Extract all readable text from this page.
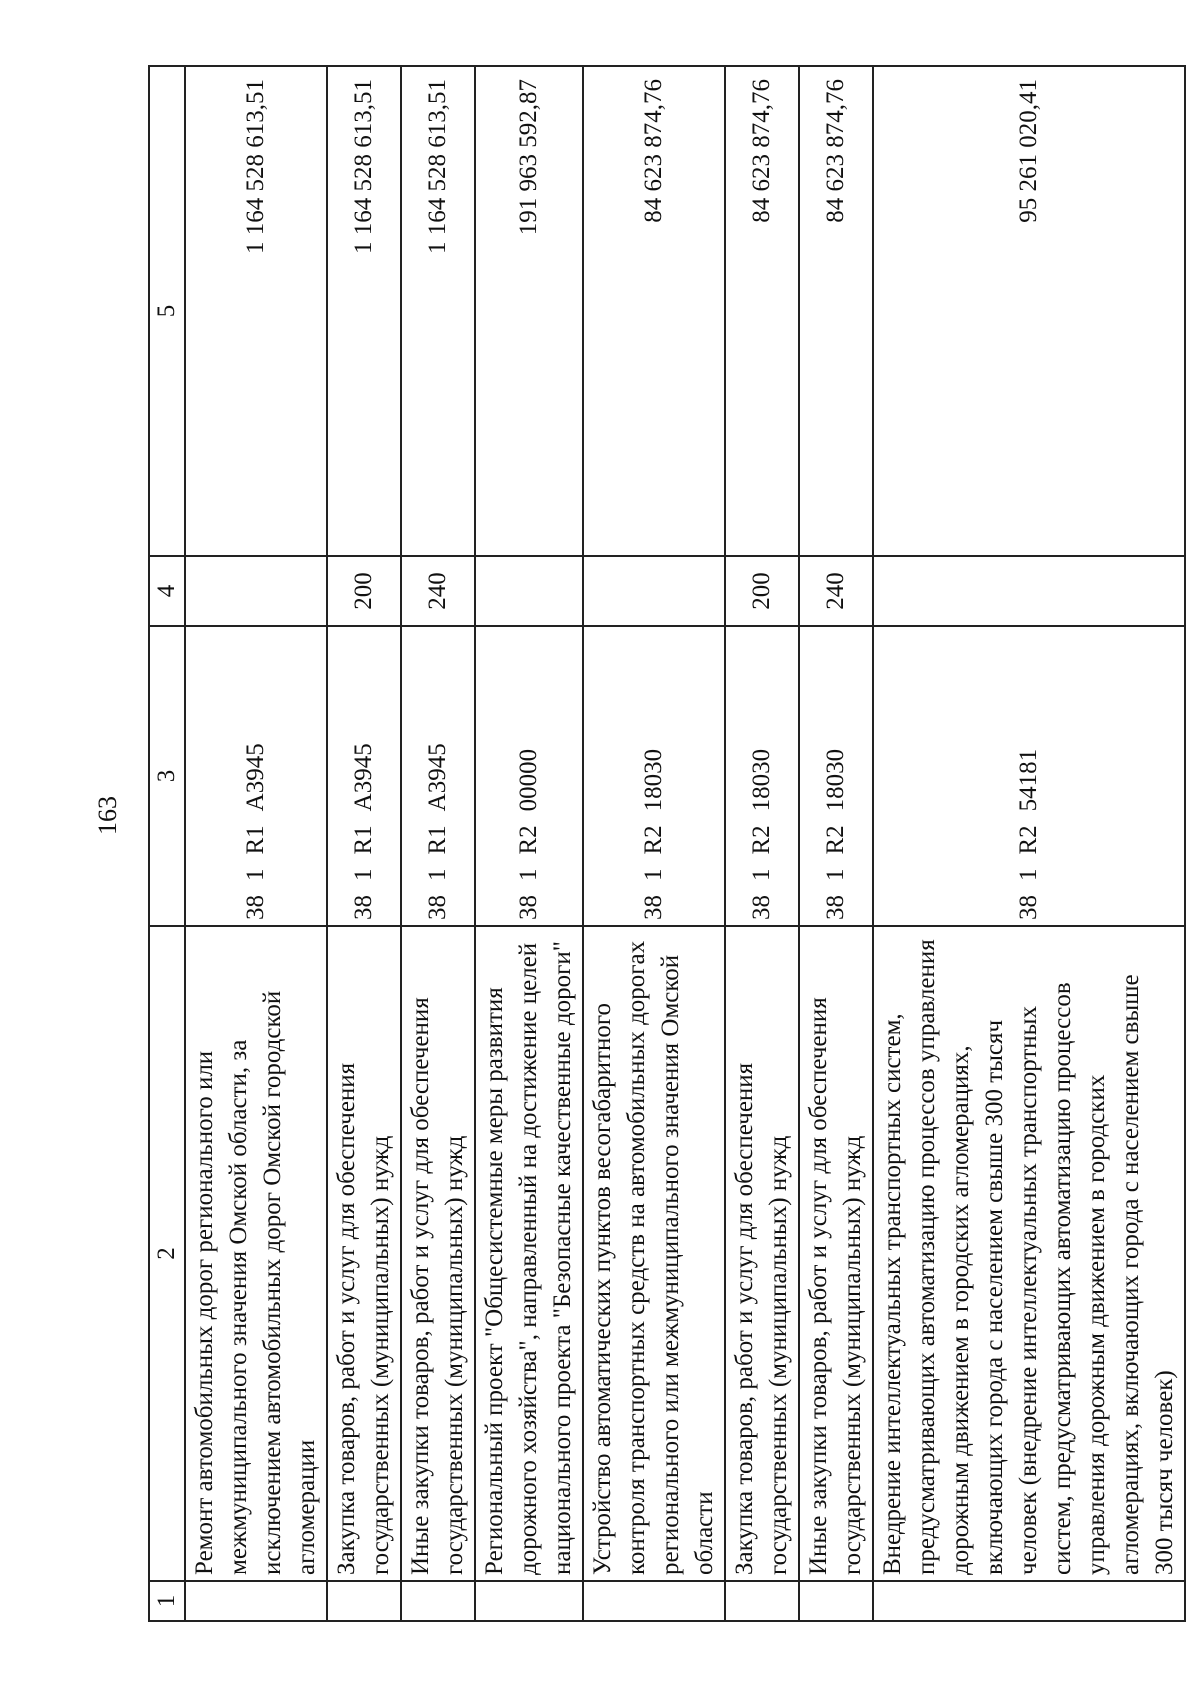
163
1	2	3	4	5
	Ремонт автомобильных дорог регионального или межмуниципального значения Омской области, за исключением автомобильных дорог Омской городской агломерации	381R1A3945		1 164 528 613,51
	Закупка товаров, работ и услуг для обеспечения государственных (муниципальных) нужд	381R1A3945	200	1 164 528 613,51
	Иные закупки товаров, работ и услуг для обеспечения государственных (муниципальных) нужд	381R1A3945	240	1 164 528 613,51
	Региональный проект "Общесистемные меры развития дорожного хозяйства", направленный на достижение целей национального проекта "Безопасные качественные дороги"	381R200000		191 963 592,87
	Устройство автоматических пунктов весогабаритного контроля транспортных средств на автомобильных дорогах регионального или межмуниципального значения Омской области	381R218030		84 623 874,76
	Закупка товаров, работ и услуг для обеспечения государственных (муниципальных) нужд	381R218030	200	84 623 874,76
	Иные закупки товаров, работ и услуг для обеспечения государственных (муниципальных) нужд	381R218030	240	84 623 874,76
	Внедрение интеллектуальных транспортных систем, предусматривающих автоматизацию процессов управления дорожным движением в городских агломерациях, включающих города с населением свыше 300 тысяч человек (внедрение интеллектуальных транспортных систем, предусматривающих автоматизацию процессов управления дорожным движением в городских агломерациях, включающих города с населением свыше 300 тысяч человек)	381R254181		95 261 020,41
